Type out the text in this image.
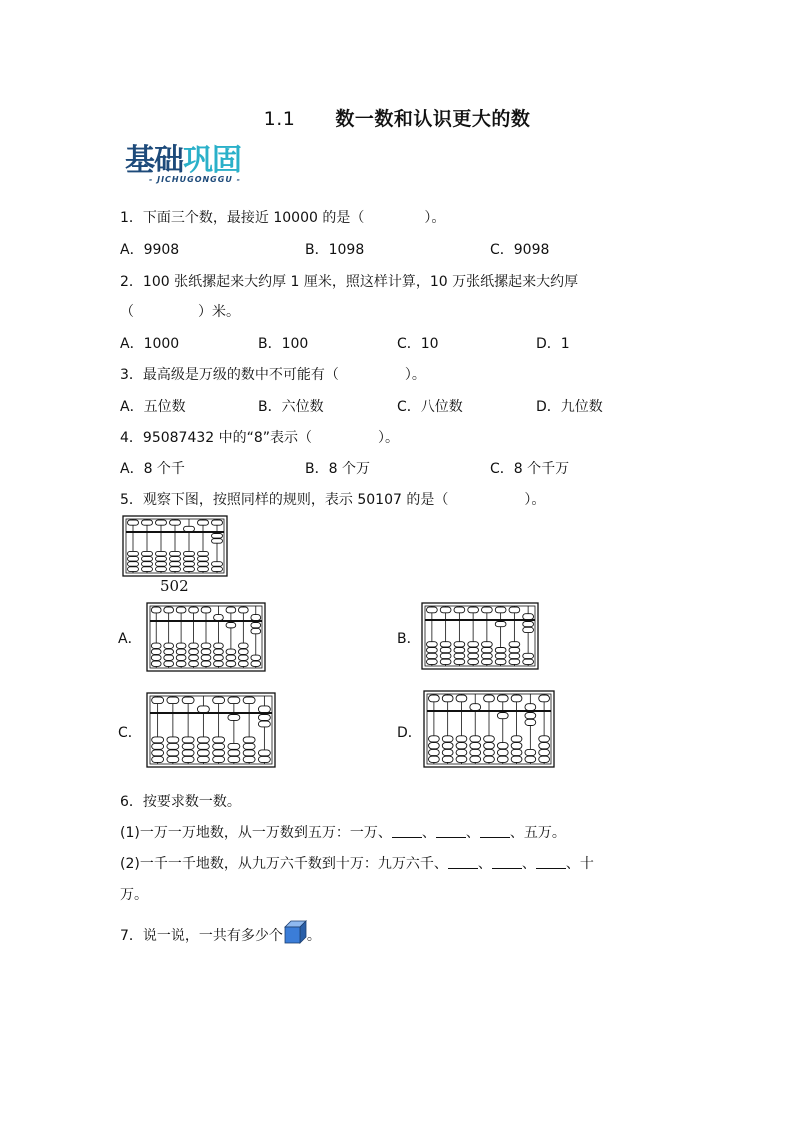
1.1 数一数和认识更大的数
基础巩固
- JICHUGONGGU -
1．下面三个数，最接近 10000 的是（	）。
A．9908	B．1098	C．9098
2．100 张纸摞起来大约厚 1 厘米，照这样计算，10 万张纸摞起来大约厚
（	）米。
A．1000	B．100	C．10	D．1
3．最高级是万级的数中不可能有（	）。
A．五位数	B．六位数	C．八位数	D．九位数
4．95087432 中的“8”表示（	）。
A．8 个千	B．8 个万	C．8 个千万
5．观察下图，按照同样的规则，表示 50107 的是（	）。
502
A．	B．
C．	D．
6．按要求数一数。
(1)一万一万地数，从一万数到五万：一万、 、 、 、五万。
(2)一千一千地数，从九万六千数到十万：九万六千、 、 、 、十
万。
7．说一说，一共有多少个 。
